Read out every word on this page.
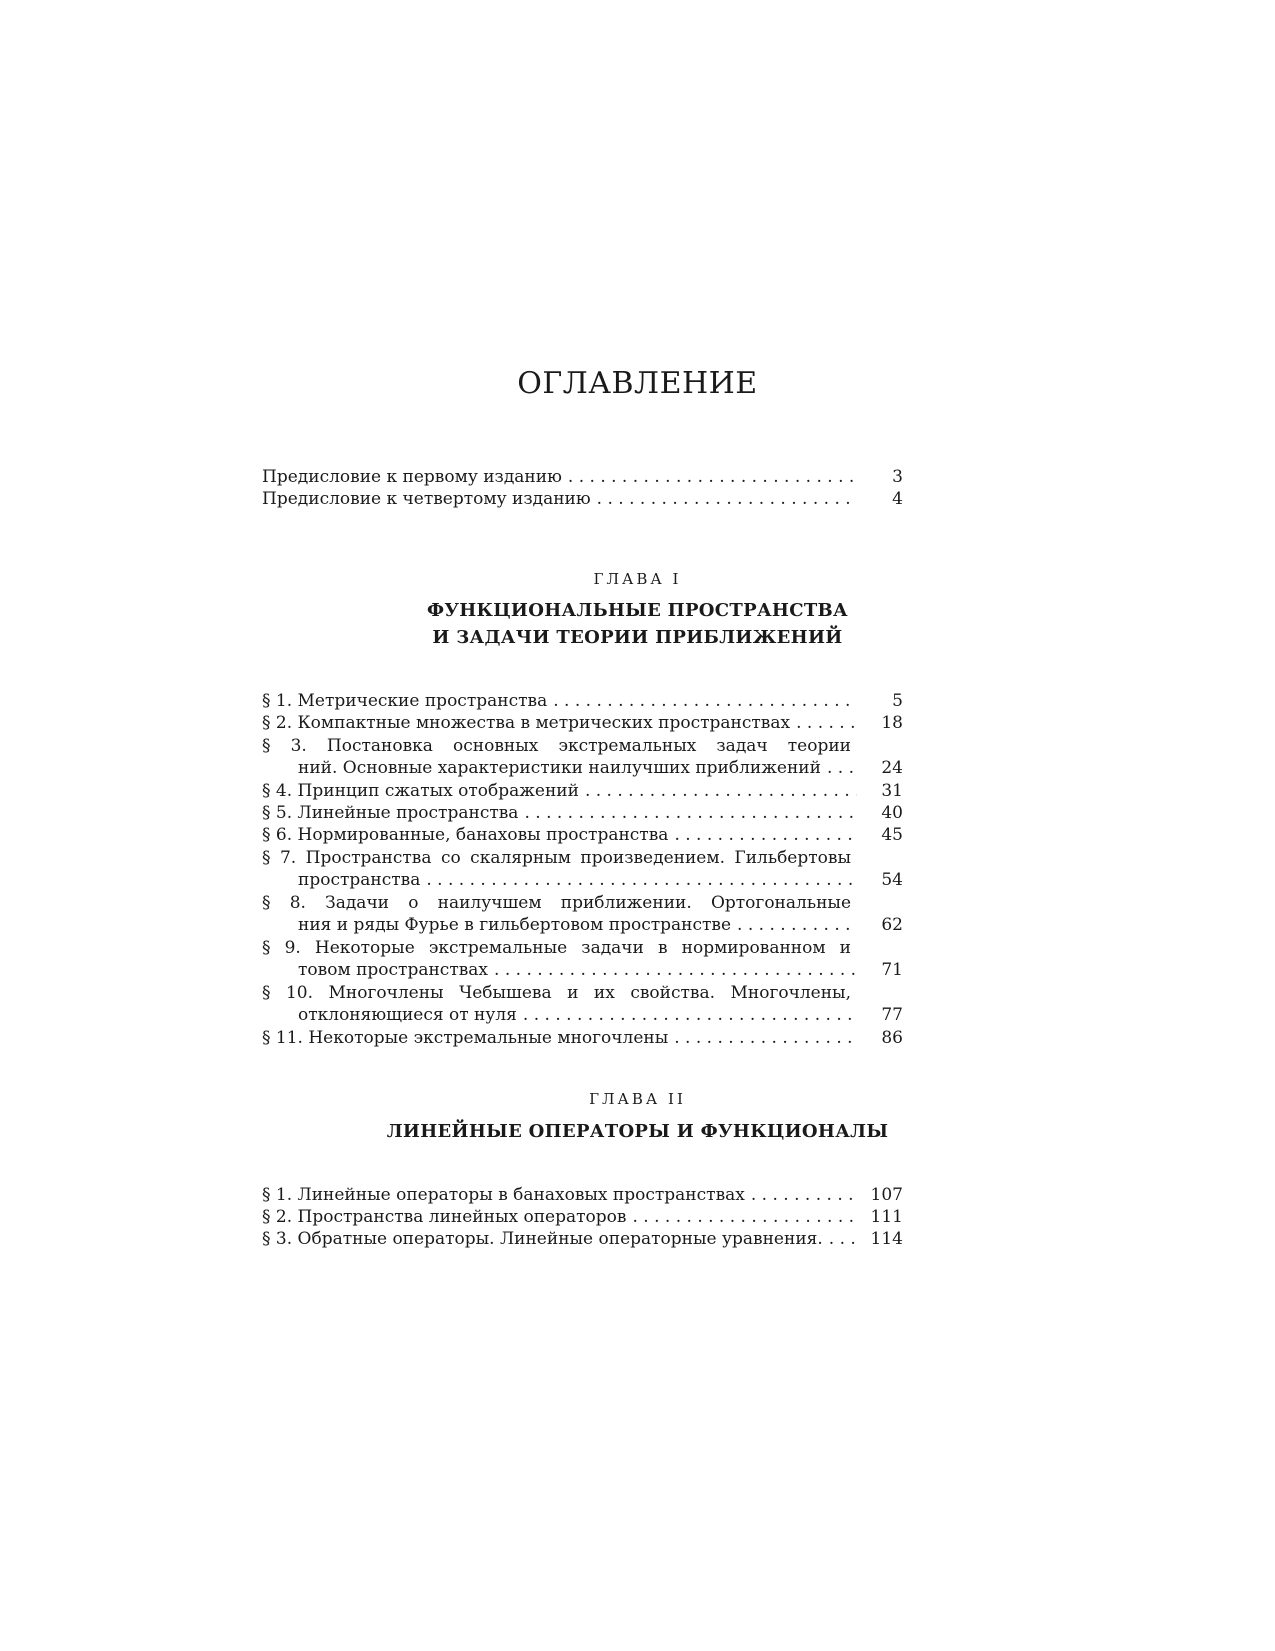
ОГЛАВЛЕНИЕ
Предисловие к первому изданию . . .	3
Предисловие к четвертому изданию . . .	4
ГЛАВА I
ФУНКЦИОНАЛЬНЫЕ ПРОСТРАНСТВА
И ЗАДАЧИ ТЕОРИИ ПРИБЛИЖЕНИЙ
§ 1. Метрические пространства . . .	5
§ 2. Компактные множества в метрических пространствах . . .	18
§ 3. Постановка основных экстремальных задач теории
ний. Основные характеристики наилучших приближений . . .	24
§ 4. Принцип сжатых отображений . . .	31
§ 5. Линейные пространства . . .	40
§ 6. Нормированные, банаховы пространства . . .	45
§ 7. Пространства со скалярным произведением. Гильбертовы
пространства . . .	54
§ 8. Задачи о наилучшем приближении. Ортогональные
ния и ряды Фурье в гильбертовом пространстве . . .	62
§ 9. Некоторые экстремальные задачи в нормированном и
товом пространствах . . .	71
§ 10. Многочлены Чебышева и их свойства. Многочлены,
отклоняющиеся от нуля . . .	77
§ 11. Некоторые экстремальные многочлены . . .	86
ГЛАВА II
ЛИНЕЙНЫЕ ОПЕРАТОРЫ И ФУНКЦИОНАЛЫ
§ 1. Линейные операторы в банаховых пространствах . . .	107
§ 2. Пространства линейных операторов . . .	111
§ 3. Обратные операторы. Линейные операторные уравнения. . . .	114
